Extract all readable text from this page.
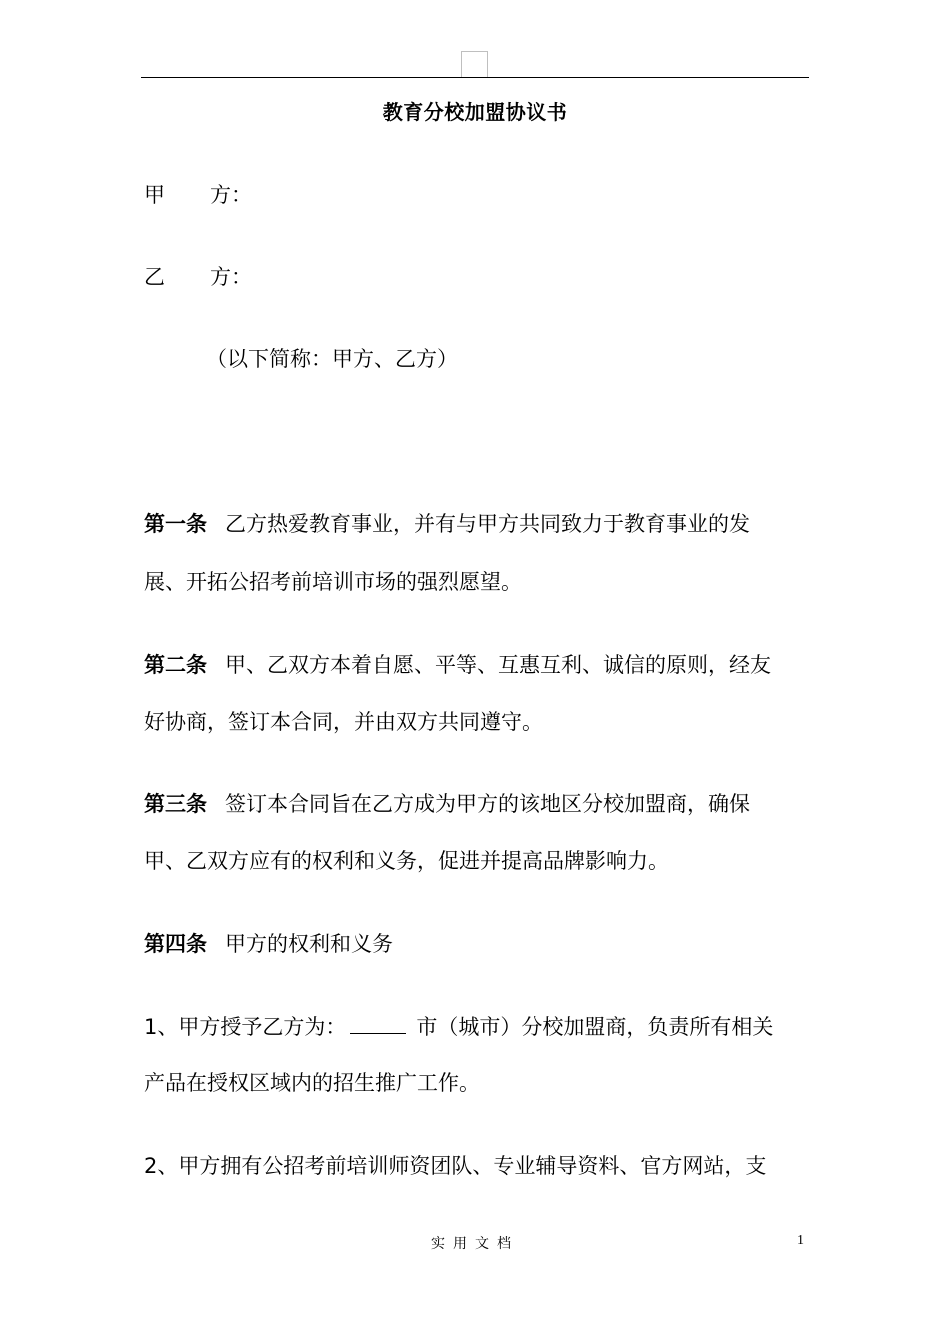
教育分校加盟协议书
甲 方：
乙 方：
（以下简称：甲方、乙方）
第一条 乙方热爱教育事业，并有与甲方共同致力于教育事业的发
展、开拓公招考前培训市场的强烈愿望。
第二条 甲、乙双方本着自愿、平等、互惠互利、诚信的原则，经友
好协商，签订本合同，并由双方共同遵守。
第三条 签订本合同旨在乙方成为甲方的该地区分校加盟商，确保
甲、乙双方应有的权利和义务，促进并提高品牌影响力。
第四条 甲方的权利和义务
1、甲方授予乙方为：	市（城市）分校加盟商，负责所有相关
产品在授权区域内的招生推广工作。
2、甲方拥有公招考前培训师资团队、专业辅导资料、官方网站，支
实用文档	1
